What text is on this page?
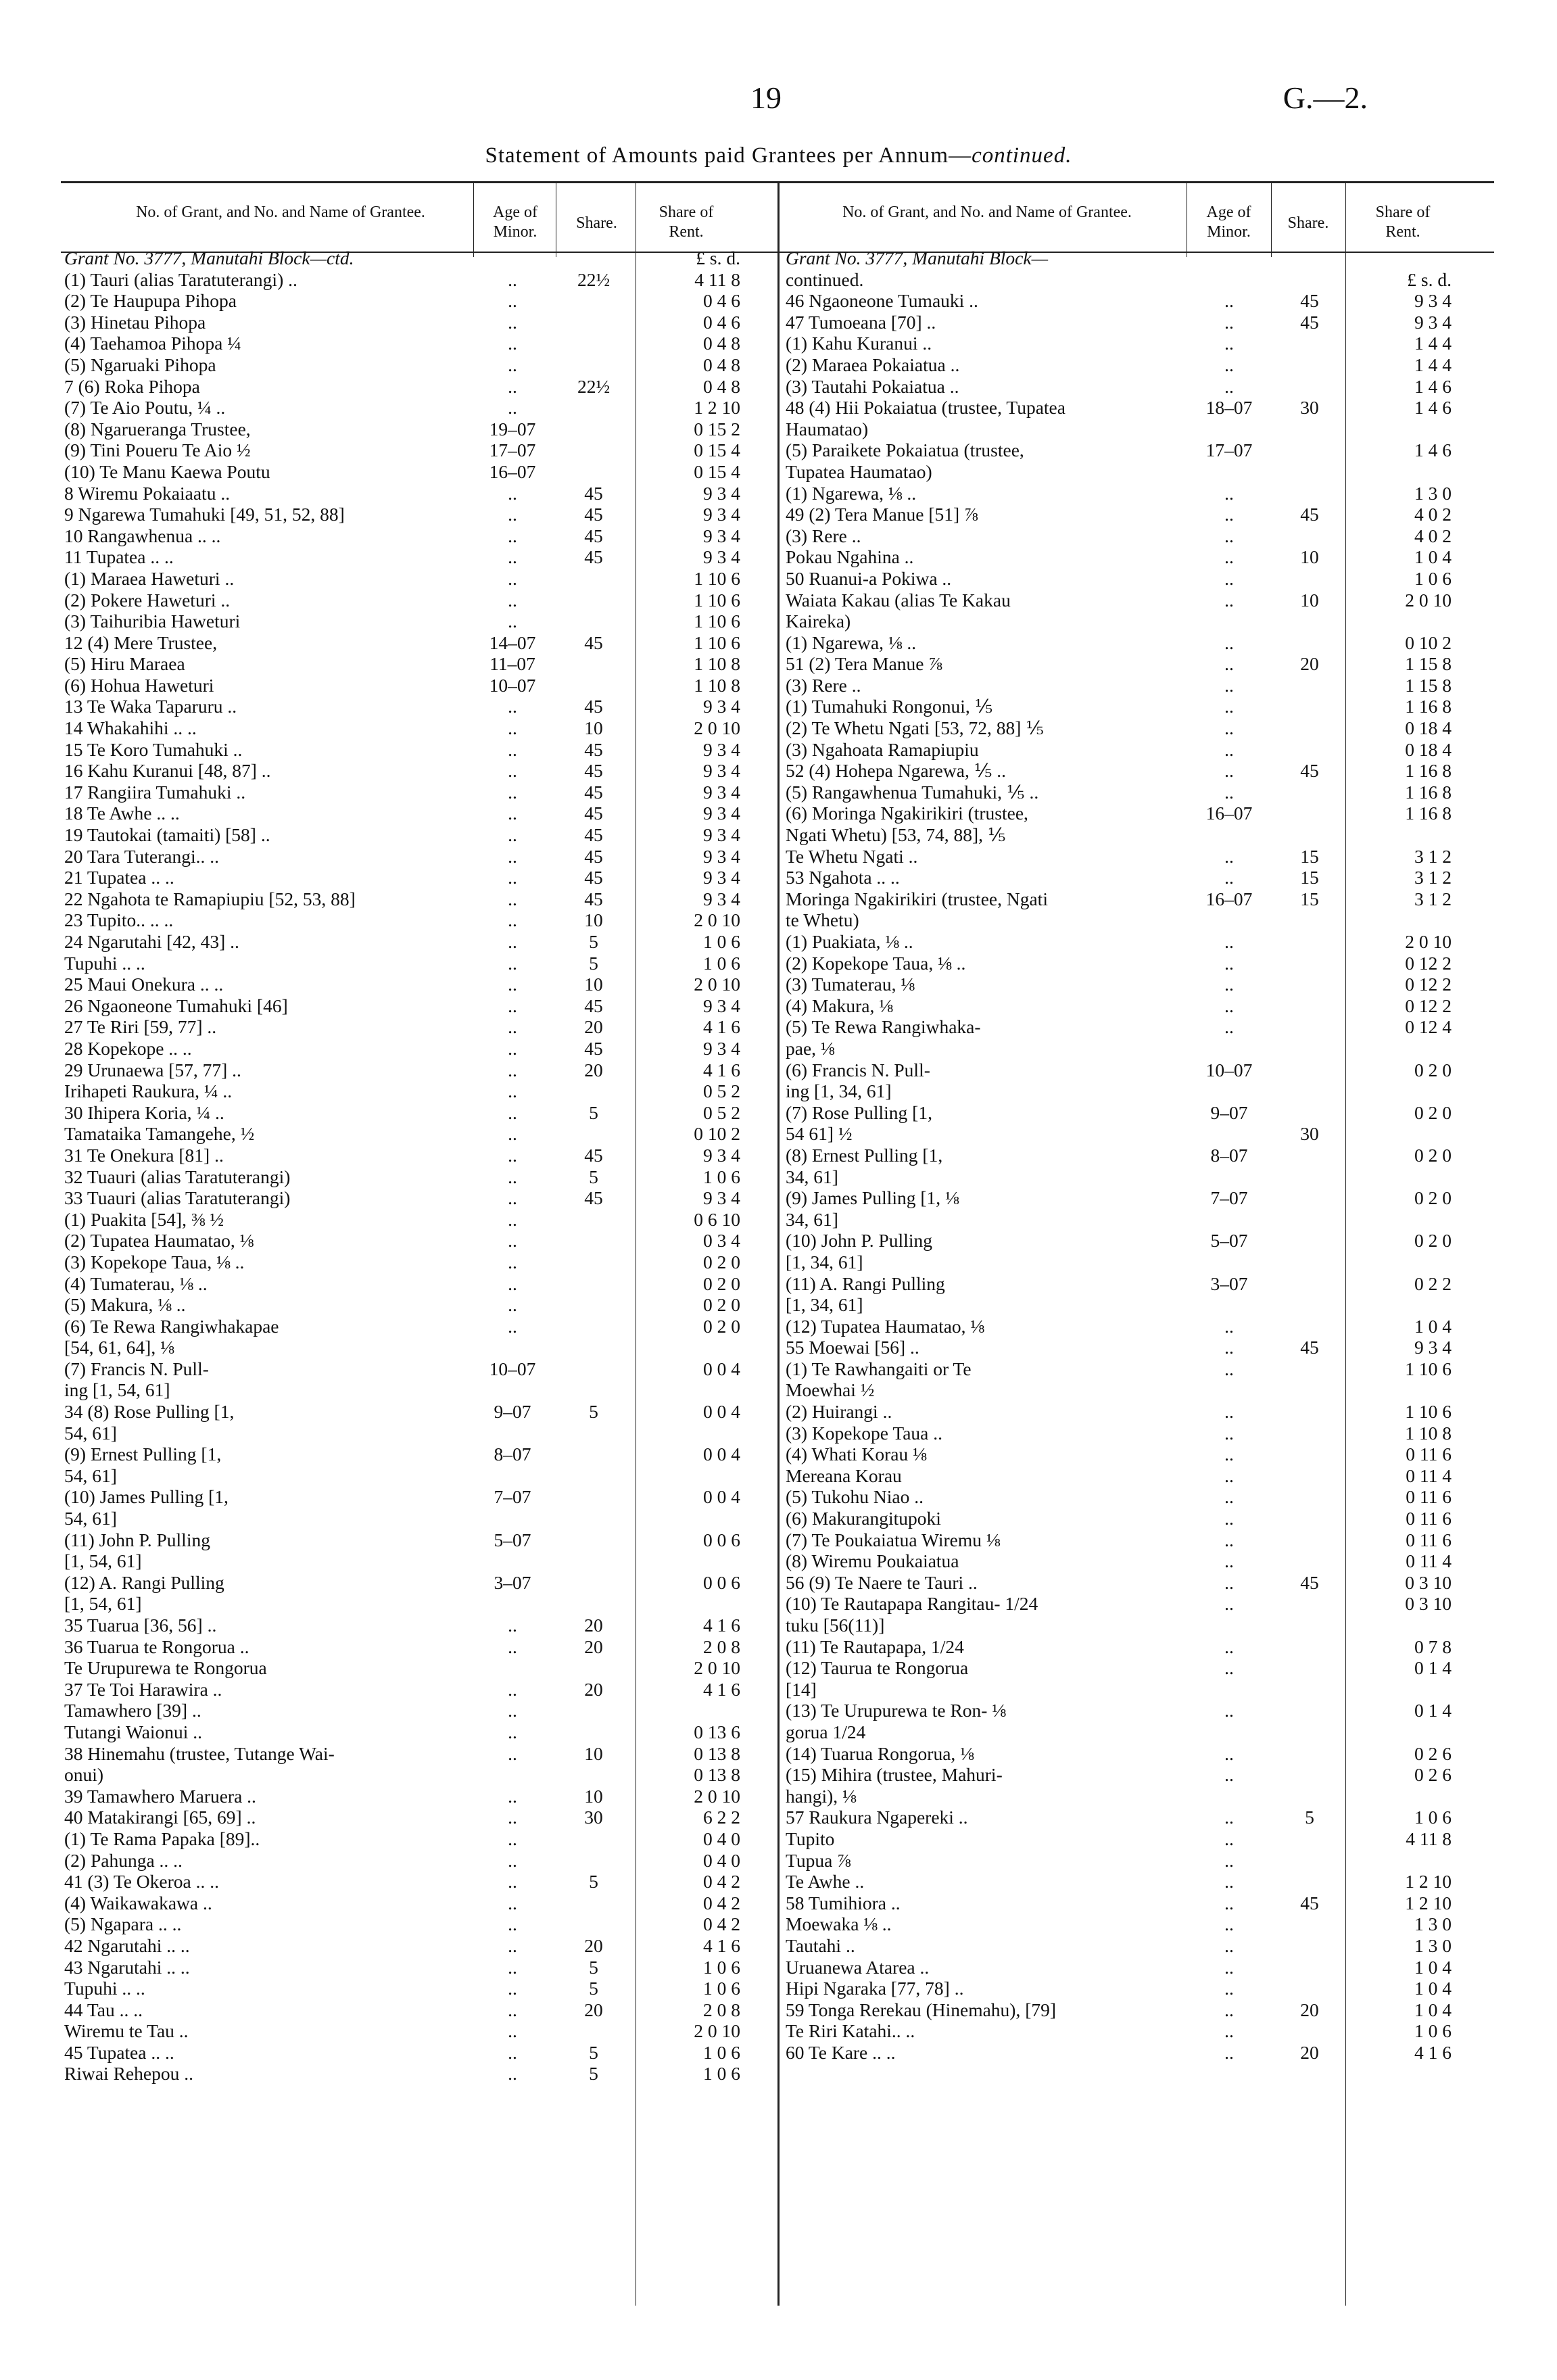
19	G.—2.
Statement of Amounts paid Grantees per Annum—continued.
No. of Grant, and No. and Name of Grantee.	Age of Minor.	Share.
Share of Rent.
No. of Grant, and No. and Name of Grantee.	Age of Minor.	Share.
Share of Rent.
Grant No. 3777, Manutahi Block—ctd.	£ s. d.
(1) Tauri (alias Taratuterangi) ..	..	22½	4 11 8
(2) Te Haupupa Pihopa	..	0 4 6
(3) Hinetau Pihopa	..	0 4 6
(4) Taehamoa Pihopa ¼	..	0 4 8
(5) Ngaruaki Pihopa	..	0 4 8
7 (6) Roka Pihopa	..	22½	0 4 8
(7) Te Aio Poutu, ¼ ..	..	1 2 10
(8) Ngarueranga Trustee,	19–07	0 15 2
(9) Tini Poueru Te Aio ½	17–07	0 15 4
(10) Te Manu Kaewa Poutu	16–07	0 15 4
8 Wiremu Pokaiaatu ..	..	45	9 3 4
9 Ngarewa Tumahuki [49, 51, 52, 88]	..	45	9 3 4
10 Rangawhenua .. ..	..	45	9 3 4
11 Tupatea .. ..	..	45	9 3 4
(1) Maraea Haweturi ..	..	1 10 6
(2) Pokere Haweturi ..	..	1 10 6
(3) Taihuribia Haweturi	..	1 10 6
12 (4) Mere Trustee,	14–07	45	1 10 6
(5) Hiru Maraea	11–07	1 10 8
(6) Hohua Haweturi	10–07	1 10 8
13 Te Waka Taparuru ..	..	45	9 3 4
14 Whakahihi .. ..	..	10	2 0 10
15 Te Koro Tumahuki ..	..	45	9 3 4
16 Kahu Kuranui [48, 87] ..	..	45	9 3 4
17 Rangiira Tumahuki ..	..	45	9 3 4
18 Te Awhe .. ..	..	45	9 3 4
19 Tautokai (tamaiti) [58] ..	..	45	9 3 4
20 Tara Tuterangi.. ..	..	45	9 3 4
21 Tupatea .. ..	..	45	9 3 4
22 Ngahota te Ramapiupiu [52, 53, 88]	..	45	9 3 4
23 Tupito.. .. ..	..	10	2 0 10
24 Ngarutahi [42, 43] ..	..	5	1 0 6
Tupuhi .. ..	..	5	1 0 6
25 Maui Onekura .. ..	..	10	2 0 10
26 Ngaoneone Tumahuki [46]	..	45	9 3 4
27 Te Riri [59, 77] ..	..	20	4 1 6
28 Kopekope .. ..	..	45	9 3 4
29 Urunaewa [57, 77] ..	..	20	4 1 6
Irihapeti Raukura, ¼ ..	..	0 5 2
30 Ihipera Koria, ¼ ..	..	5	0 5 2
Tamataika Tamangehe, ½	..	0 10 2
31 Te Onekura [81] ..	..	45	9 3 4
32 Tuauri (alias Taratuterangi)	..	5	1 0 6
33 Tuauri (alias Taratuterangi)	..	45	9 3 4
(1) Puakita [54], ⅜ ½	..	0 6 10
(2) Tupatea Haumatao, ⅛	..	0 3 4
(3) Kopekope Taua, ⅛ ..	..	0 2 0
(4) Tumaterau, ⅛ ..	..	0 2 0
(5) Makura, ⅛ ..	..	0 2 0
(6) Te Rewa Rangiwhakapae	..	0 2 0
[54, 61, 64], ⅛
(7) Francis N. Pull-	10–07	0 0 4
ing [1, 54, 61]
34 (8) Rose Pulling [1,	9–07	5	0 0 4
54, 61]
(9) Ernest Pulling [1,	8–07	0 0 4
54, 61]
(10) James Pulling [1,	7–07	0 0 4
54, 61]
(11) John P. Pulling	5–07	0 0 6
[1, 54, 61]
(12) A. Rangi Pulling	3–07	0 0 6
[1, 54, 61]
35 Tuarua [36, 56] ..	..	20	4 1 6
36 Tuarua te Rongorua ..	..	20	2 0 8
Te Urupurewa te Rongorua	2 0 10
37 Te Toi Harawira ..	..	20	4 1 6
Tamawhero [39] ..	..
Tutangi Waionui ..	..	0 13 6
38 Hinemahu (trustee, Tutange Wai-	..	10	0 13 8
onui)	0 13 8
39 Tamawhero Maruera ..	..	10	2 0 10
40 Matakirangi [65, 69] ..	..	30	6 2 2
(1) Te Rama Papaka [89]..	..	0 4 0
(2) Pahunga .. ..	..	0 4 0
41 (3) Te Okeroa .. ..	..	5	0 4 2
(4) Waikawakawa ..	..	0 4 2
(5) Ngapara .. ..	..	0 4 2
42 Ngarutahi .. ..	..	20	4 1 6
43 Ngarutahi .. ..	..	5	1 0 6
Tupuhi .. ..	..	5	1 0 6
44 Tau .. ..	..	20	2 0 8
Wiremu te Tau ..	..	2 0 10
45 Tupatea .. ..	..	5	1 0 6
Riwai Rehepou ..	..	5	1 0 6
Grant No. 3777, Manutahi Block—
continued.	£ s. d.
46 Ngaoneone Tumauki ..	..	45	9 3 4
47 Tumoeana [70] ..	..	45	9 3 4
(1) Kahu Kuranui ..	..	1 4 4
(2) Maraea Pokaiatua ..	..	1 4 4
(3) Tautahi Pokaiatua ..	..	1 4 6
48 (4) Hii Pokaiatua (trustee, Tupatea	18–07	30	1 4 6
Haumatao)
(5) Paraikete Pokaiatua (trustee,	17–07	1 4 6
Tupatea Haumatao)
(1) Ngarewa, ⅛ ..	..	1 3 0
49 (2) Tera Manue [51] ⅞	..	45	4 0 2
(3) Rere ..	..	4 0 2
Pokau Ngahina ..	..	10	1 0 4
50 Ruanui-a Pokiwa ..	..	1 0 6
Waiata Kakau (alias Te Kakau	..	10	2 0 10
Kaireka)
(1) Ngarewa, ⅛ ..	..	0 10 2
51 (2) Tera Manue ⅞	..	20	1 15 8
(3) Rere ..	..	1 15 8
(1) Tumahuki Rongonui, ⅕	..	1 16 8
(2) Te Whetu Ngati [53, 72, 88] ⅕	..	0 18 4
(3) Ngahoata Ramapiupiu	..	0 18 4
52 (4) Hohepa Ngarewa, ⅕ ..	..	45	1 16 8
(5) Rangawhenua Tumahuki, ⅕ ..	..	1 16 8
(6) Moringa Ngakirikiri (trustee,	16–07	1 16 8
Ngati Whetu) [53, 74, 88], ⅕
Te Whetu Ngati ..	..	15	3 1 2
53 Ngahota .. ..	..	15	3 1 2
Moringa Ngakirikiri (trustee, Ngati	16–07	15	3 1 2
te Whetu)
(1) Puakiata, ⅛ ..	..	2 0 10
(2) Kopekope Taua, ⅛ ..	..	0 12 2
(3) Tumaterau, ⅛	..	0 12 2
(4) Makura, ⅛	..	0 12 2
(5) Te Rewa Rangiwhaka-	..	0 12 4
pae, ⅛
(6) Francis N. Pull-	10–07	0 2 0
ing [1, 34, 61]
(7) Rose Pulling [1,	9–07	0 2 0
54 61] ½	30
(8) Ernest Pulling [1,	8–07	0 2 0
34, 61]
(9) James Pulling [1, ⅛	7–07	0 2 0
34, 61]
(10) John P. Pulling	5–07	0 2 0
[1, 34, 61]
(11) A. Rangi Pulling	3–07	0 2 2
[1, 34, 61]
(12) Tupatea Haumatao, ⅛	..	1 0 4
55 Moewai [56] ..	..	45	9 3 4
(1) Te Rawhangaiti or Te	..	1 10 6
Moewhai ½
(2) Huirangi ..	..	1 10 6
(3) Kopekope Taua ..	..	1 10 8
(4) Whati Korau ⅛	..	0 11 6
Mereana Korau	..	0 11 4
(5) Tukohu Niao ..	..	0 11 6
(6) Makurangitupoki	..	0 11 6
(7) Te Poukaiatua Wiremu ⅛	..	0 11 6
(8) Wiremu Poukaiatua	..	0 11 4
56 (9) Te Naere te Tauri ..	..	45	0 3 10
(10) Te Rautapapa Rangitau- 1/24	..	0 3 10
tuku [56(11)]
(11) Te Rautapapa, 1/24	..	0 7 8
(12) Taurua te Rongorua	..	0 1 4
[14]
(13) Te Urupurewa te Ron- ⅛	..	0 1 4
gorua 1/24
(14) Tuarua Rongorua, ⅛	..	0 2 6
(15) Mihira (trustee, Mahuri-	..	0 2 6
hangi), ⅛
57 Raukura Ngapereki ..	..	5	1 0 6
Tupito	..	4 11 8
Tupua ⅞	..
Te Awhe ..	..	1 2 10
58 Tumihiora ..	..	45	1 2 10
Moewaka ⅛ ..	..	1 3 0
Tautahi ..	..	1 3 0
Uruanewa Atarea ..	..	1 0 4
Hipi Ngaraka [77, 78] ..	..	1 0 4
59 Tonga Rerekau (Hinemahu), [79]	..	20	1 0 4
Te Riri Katahi.. ..	..	1 0 6
60 Te Kare .. ..	..	20	4 1 6
